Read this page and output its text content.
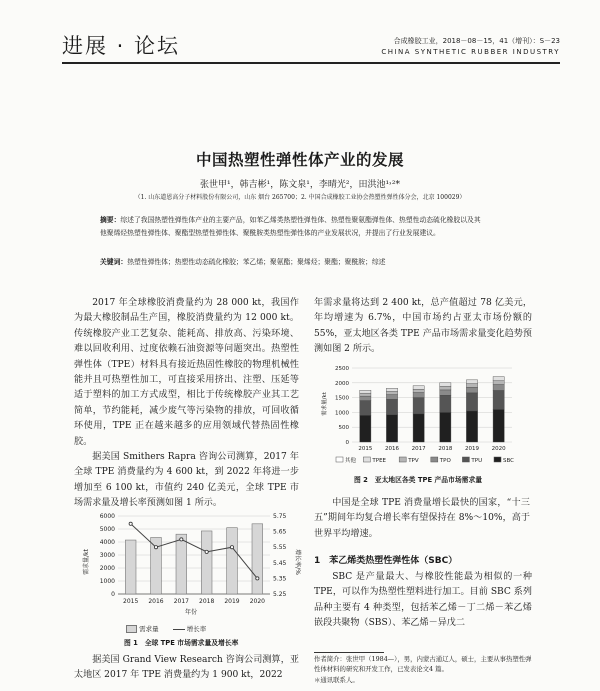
进展 · 论坛	合成橡胶工业，2018－08－15，41（增刊）：S－23
CHINA SYNTHETIC RUBBER INDUSTRY
中国热塑性弹性体产业的发展
张世甲¹，韩吉彬¹，陈文泉¹，李晴光²，田洪池¹˒²*
（1. 山东道恩高分子材料股份有限公司，山东 烟台 265700；2. 中国合成橡胶工业协会热塑性弹性体分会，北京 100029）
摘要：综述了我国热塑性弹性体产业的主要产品，如苯乙烯类热塑性弹性体、热塑性聚氨酯弹性体、热塑性动态硫化橡胶以及其他聚烯烃热塑性弹性体、聚酯型热塑性弹性体、聚酰胺类热塑性弹性体的产业发展状况，并提出了行业发展建议。
关键词：热塑性弹性体；热塑性动态硫化橡胶；苯乙烯；聚氨酯；聚烯烃；聚酯；聚酰胺；综述

2017 年全球橡胶消费量约为 28 000 kt，我国作为最大橡胶制品生产国，橡胶消费量约为 12 000 kt。传统橡胶产业工艺复杂、能耗高、排放高、污染环境、难以回收利用、过度依赖石油资源等问题突出。热塑性弹性体（TPE）材料具有接近热固性橡胶的物理机械性能并且可热塑性加工，可直接采用挤出、注塑、压延等适于塑料的加工方式成型，相比于传统橡胶产业其工艺简单，节约能耗，减少废气等污染物的排放，可回收循环使用，TPE 正在越来越多的应用领域代替热固性橡胶。

据美国 Smithers Rapra 咨询公司测算，2017 年全球 TPE 消费量约为 4 600 kt，到 2022 年将进一步增加至 6 100 kt，市值约 240 亿美元，全球 TPE 市场需求量及增长率预测如图 1 所示。

0
1000
2000
3000
4000
5000
6000
5.25
5.35
5.45
5.55
5.65
5.75
2015 2016 2017 2018 2019 2020
需求量/kt	增长率/%
年份
需求量	增长率
图 1　全球 TPE 市场需求量及增长率

据美国 Grand View Research 咨询公司测算，亚太地区 2017 年 TPE 消费量约为 1 900 kt，2022

年需求量将达到 2 400 kt，总产值超过 78 亿美元，年均增速为 6.7%，中国市场约占亚太市场份额的 55%，亚太地区各类 TPE 产品市场需求量变化趋势预测如图 2 所示。

0
500
1000
1500
2000
2500
2015 2016 2017 2018 2019 2020
需求量/kt
其他	TPEE	TPV	TPO	TPU	SBC
图 2　亚太地区各类 TPE 产品市场需求量

中国是全球 TPE 消费量增长最快的国家，“十三五”期间年均复合增长率有望保持在 8%～10%，高于世界平均增速。

1　苯乙烯类热塑性弹性体（SBC）

SBC 是产量最大、与橡胶性能最为相似的一种 TPE，可以作为热塑性塑料进行加工。目前 SBC 系列品种主要有 4 种类型，包括苯乙烯－丁二烯－苯乙烯嵌段共聚物（SBS）、苯乙烯－异戊二

作者简介：张世甲（1984—），男，内蒙古通辽人，硕士，主要从事热塑性弹性体材料的研究和开发工作，已发表论文4 篇。
＊通讯联系人。
